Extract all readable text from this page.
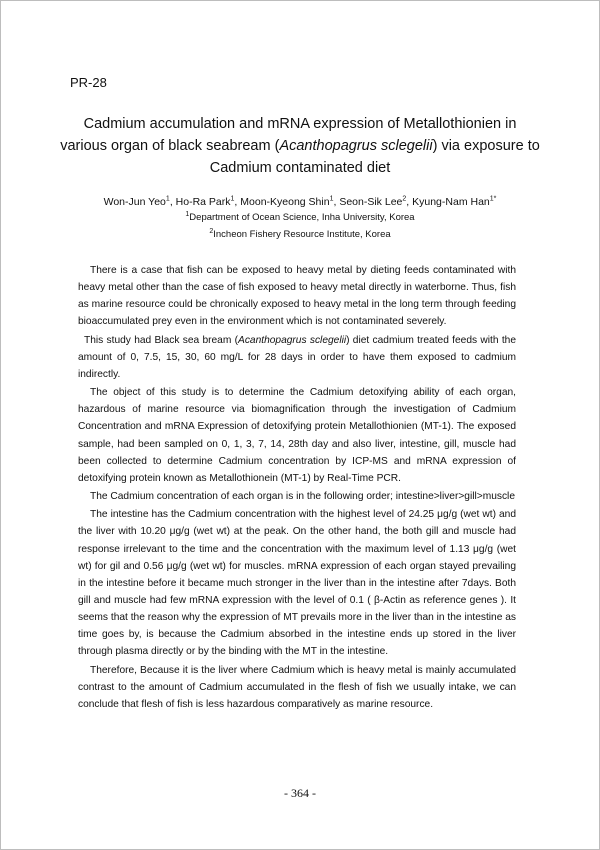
PR-28
Cadmium accumulation and mRNA expression of Metallothionien in various organ of black seabream (Acanthopagrus sclegelii) via exposure to Cadmium contaminated diet
Won-Jun Yeo$^1$, Ho-Ra Park$^1$, Moon-Kyeong Shin$^1$, Seon-Sik Lee$^2$, Kyung-Nam Han$^{1*}$
$^1$Department of Ocean Science, Inha University, Korea
$^2$Incheon Fishery Resource Institute, Korea

There is a case that fish can be exposed to heavy metal by dieting feeds contaminated with heavy metal other than the case of fish exposed to heavy metal directly in waterborne. Thus, fish as marine resource could be chronically exposed to heavy metal in the long term through feeding bioaccumulated prey even in the environment which is not contaminated severely.

This study had Black sea bream (Acanthopagrus sclegelii) diet cadmium treated feeds with the amount of 0, 7.5, 15, 30, 60 mg/L for 28 days in order to have them exposed to cadmium indirectly.

The object of this study is to determine the Cadmium detoxifying ability of each organ, hazardous of marine resource via biomagnification through the investigation of Cadmium Concentration and mRNA Expression of detoxifying protein Metallothionien (MT-1). The exposed sample, had been sampled on 0, 1, 3, 7, 14, 28th day and also liver, intestine, gill, muscle had been collected to determine Cadmium concentration by ICP-MS and mRNA expression of detoxifying protein known as Metallothionein (MT-1) by Real-Time PCR.

The Cadmium concentration of each organ is in the following order; intestine>liver>gill>muscle

The intestine has the Cadmium concentration with the highest level of 24.25 μg/g (wet wt) and the liver with 10.20 μg/g (wet wt) at the peak. On the other hand, the both gill and muscle had response irrelevant to the time and the concentration with the maximum level of 1.13 μg/g (wet wt) for gil and 0.56 μg/g (wet wt) for muscles. mRNA expression of each organ stayed prevailing in the intestine before it became much stronger in the liver than in the intestine after 7days. Both gill and muscle had few mRNA expression with the level of 0.1 ( β-Actin as reference genes ). It seems that the reason why the expression of MT prevails more in the liver than in the intestine as time goes by, is because the Cadmium absorbed in the intestine ends up stored in the liver through plasma directly or by the binding with the MT in the intestine.

Therefore, Because it is the liver where Cadmium which is heavy metal is mainly accumulated contrast to the amount of Cadmium accumulated in the flesh of fish we usually intake, we can conclude that flesh of fish is less hazardous comparatively as marine resource.

- 364 -
